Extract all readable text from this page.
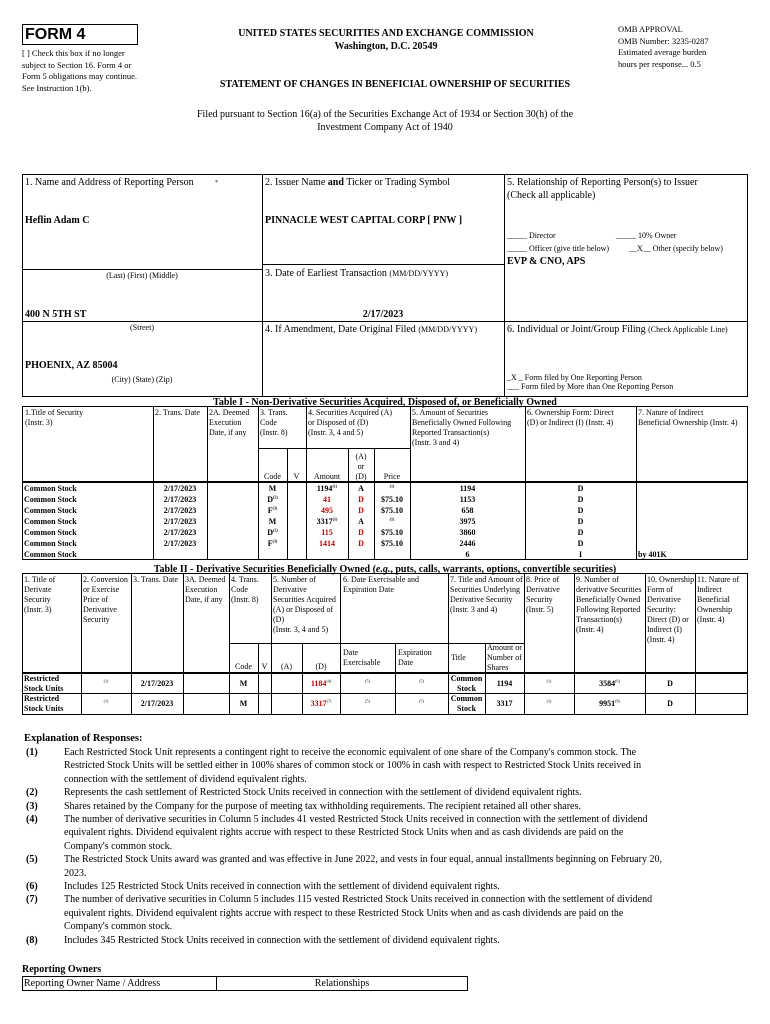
FORM 4
[ ] Check this box if no longer subject to Section 16. Form 4 or Form 5 obligations may continue. See Instruction 1(b).
UNITED STATES SECURITIES AND EXCHANGE COMMISSION
Washington, D.C. 20549
OMB APPROVAL
OMB Number: 3235-0287
Estimated average burden
hours per response... 0.5
STATEMENT OF CHANGES IN BENEFICIAL OWNERSHIP OF SECURITIES
Filed pursuant to Section 16(a) of the Securities Exchange Act of 1934 or Section 30(h) of the
Investment Company Act of 1940
1. Name and Address of Reporting Person	*
Heflin Adam C
(Last) (First) (Middle)
400 N 5TH ST
(Street)
PHOENIX, AZ 85004
(City) (State) (Zip)
2. Issuer Name and Ticker or Trading Symbol
PINNACLE WEST CAPITAL CORP [ PNW ]
3. Date of Earliest Transaction (MM/DD/YYYY)
2/17/2023
4. If Amendment, Date Original Filed (MM/DD/YYYY)
5. Relationship of Reporting Person(s) to Issuer
(Check all applicable)
_____ Director	_____ 10% Owner
_____ Officer (give title below) __X__ Other (specify below)
EVP & CNO, APS
6. Individual or Joint/Group Filing (Check Applicable Line)
_X _ Form filed by One Reporting Person
___ Form filed by More than One Reporting Person
Table I - Non-Derivative Securities Acquired, Disposed of, or Beneficially Owned
1.Title of Security
(Instr. 3)
2. Trans. Date 2A. Deemed
Execution
Date, if any
3. Trans.
Code
(Instr. 8)
4. Securities Acquired (A)
or Disposed of (D)
(Instr. 3, 4 and 5)
5. Amount of Securities
Beneficially Owned Following
Reported Transaction(s)
(Instr. 3 and 4)
6. Ownership Form: Direct
(D) or Indirect (I) (Instr. 4)
7. Nature of Indirect
Beneficial Ownership (Instr. 4)
Code	V	Amount
(A)
or
(D)	Price
Common Stock	2/17/2023	M	1194$^{(1)}$	A	$^{(1)}$	1194	D
Common Stock	2/17/2023	$D^{(2)}$	41	D	$75.10	1153	D
Common Stock	2/17/2023	$F^{(3)}$	495	D	$75.10	658	D
Common Stock	2/17/2023	M	3317$^{(1)}$	A	$^{(1)}$	3975	D
Common Stock	2/17/2023	$D^{(2)}$	115	D	$75.10	3860	D
Common Stock	2/17/2023	$F^{(3)}$	1414	D	$75.10	2446	D
Common Stock	6	I	by 401K
Table II - Derivative Securities Beneficially Owned (e.g., puts, calls, warrants, options, convertible securities)
1. Title of
Derivate
Security
(Instr. 3)
2. Conversion
or Exercise
Price of
Derivative
Security
3. Trans. Date 3A. Deemed
Execution
Date, if any
4. Trans.
Code
(Instr. 8)
5. Number of
Derivative
Securities Acquired
(A) or Disposed of
(D)
(Instr. 3, 4 and 5)
6. Date Exercisable and
Expiration Date
7. Title and Amount of
Securities Underlying
Derivative Security
(Instr. 3 and 4)
8. Price of
Derivative
Security
(Instr. 5)
9. Number of
derivative Securities
Beneficially Owned
Following Reported
Transaction(s)
(Instr. 4)
10. Ownership
Form of
Derivative
Security:
Direct (D) or
Indirect (I)
(Instr. 4)
11. Nature of
Indirect
Beneficial
Ownership
(Instr. 4)
Code	V	(A)	(D)
Date
Exercisable
Expiration
Date
Title
Amount or
Number of
Shares
Restricted
Stock Units
$^{(1)}$	2/17/2023	M	1184$^{(4)}$	$^{(5)}$	$^{(5)}$	Common
Stock	1194	$^{(1)}$	3584$^{(6)}$	D
Restricted
Stock Units
$^{(1)}$	2/17/2023	M	3317$^{(7)}$	$^{(5)}$	$^{(5)}$	Common
Stock	3317	$^{(1)}$	9951$^{(8)}$	D
Explanation of Responses:
(1)	Each Restricted Stock Unit represents a contingent right to receive the economic equivalent of one share of the Company's common stock. The
Restricted Stock Units will be settled either in 100% shares of common stock or 100% in cash with respect to Restricted Stock Units received in
connection with the settlement of dividend equivalent rights.
(2)	Represents the cash settlement of Restricted Stock Units received in connection with the settlement of dividend equivalent rights.
(3)	Shares retained by the Company for the purpose of meeting tax withholding requirements. The recipient retained all other shares.
(4)	The number of derivative securities in Column 5 includes 41 vested Restricted Stock Units received in connection with the settlement of dividend
equivalent rights. Dividend equivalent rights accrue with respect to these Restricted Stock Units when and as cash dividends are paid on the
Company's common stock.
(5)	The Restricted Stock Units award was granted and was effective in June 2022, and vests in four equal, annual installments beginning on February 20,
2023.
(6)	Includes 125 Restricted Stock Units received in connection with the settlement of dividend equivalent rights.
(7)	The number of derivative securities in Column 5 includes 115 vested Restricted Stock Units received in connection with the settlement of dividend
equivalent rights. Dividend equivalent rights accrue with respect to these Restricted Stock Units when and as cash dividends are paid on the
Company's common stock.
(8)	Includes 345 Restricted Stock Units received in connection with the settlement of dividend equivalent rights.
Reporting Owners
Reporting Owner Name / Address	Relationships
